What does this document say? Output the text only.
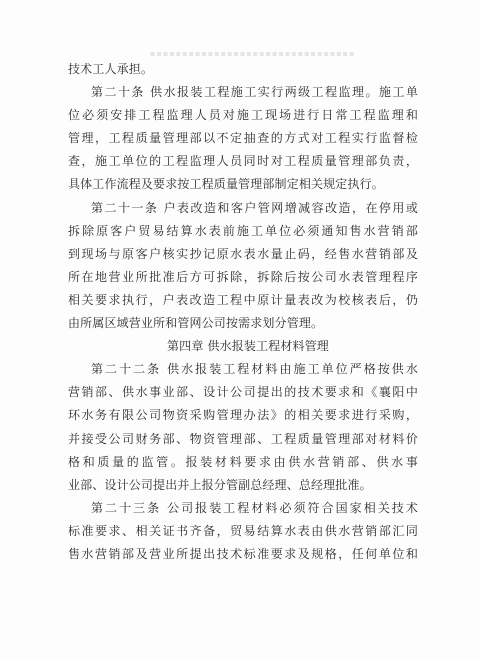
▪▪▪▪▪▪▪▪▪▪▪▪▪▪▪▪▪▪▪▪▪▪▪▪▪▪▪▪▪▪▪▪
技术工人承担。
第二十条 供水报装工程施工实行两级工程监理。施工单
位必须安排工程监理人员对施工现场进行日常工程监理和
管理，工程质量管理部以不定抽查的方式对工程实行监督检
查，施工单位的工程监理人员同时对工程质量管理部负责，
具体工作流程及要求按工程质量管理部制定相关规定执行。
第二十一条 户表改造和客户管网增减容改造，在停用或
拆除原客户贸易结算水表前施工单位必须通知售水营销部
到现场与原客户核实抄记原水表水量止码，经售水营销部及
所在地营业所批准后方可拆除，拆除后按公司水表管理程序
相关要求执行，户表改造工程中原计量表改为校核表后，仍
由所属区域营业所和管网公司按需求划分管理。
第四章 供水报装工程材料管理
第二十二条 供水报装工程材料由施工单位严格按供水
营销部、供水事业部、设计公司提出的技术要求和《襄阳中
环水务有限公司物资采购管理办法》的相关要求进行采购，
并接受公司财务部、物资管理部、工程质量管理部对材料价
格和质量的监管。报装材料要求由供水营销部、供水事
业部、设计公司提出并上报分管副总经理、总经理批准。
第二十三条 公司报装工程材料必须符合国家相关技术
标准要求、相关证书齐备，贸易结算水表由供水营销部汇同
售水营销部及营业所提出技术标准要求及规格，任何单位和
